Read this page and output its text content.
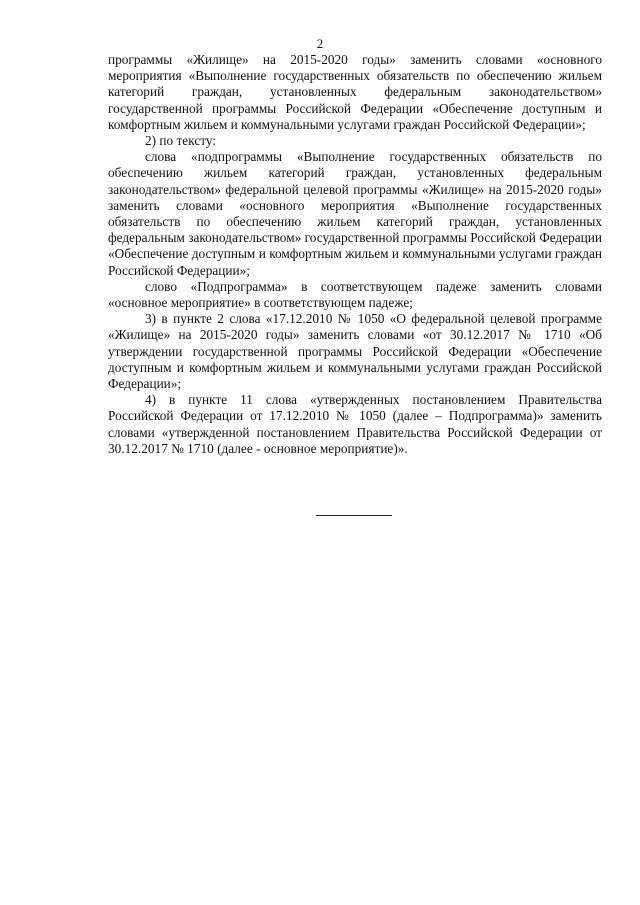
2

программы «Жилище» на 2015-2020 годы» заменить словами «основного мероприятия «Выполнение государственных обязательств по обеспечению жильем категорий граждан, установленных федеральным законодательством» государственной программы Российской Федерации «Обеспечение доступным и комфортным жильем и коммунальными услугами граждан Российской Федерации»;

2) по тексту:

слова «подпрограммы «Выполнение государственных обязательств по обеспечению жильем категорий граждан, установленных федеральным законодательством» федеральной целевой программы «Жилище» на 2015-2020 годы» заменить словами «основного мероприятия «Выполнение государственных обязательств по обеспечению жильем категорий граждан, установленных федеральным законодательством» государственной программы Российской Федерации «Обеспечение доступным и комфортным жильем и коммунальными услугами граждан Российской Федерации»;

слово «Подпрограмма» в соответствующем падеже заменить словами «основное мероприятие» в соответствующем падеже;

3) в пункте 2 слова «17.12.2010 № 1050 «О федеральной целевой программе «Жилище» на 2015-2020 годы» заменить словами «от 30.12.2017 № 1710 «Об утверждении государственной программы Российской Федерации «Обеспечение доступным и комфортным жильем и коммунальными услугами граждан Российской Федерации»;

4) в пункте 11 слова «утвержденных постановлением Правительства Российской Федерации от 17.12.2010 № 1050 (далее – Подпрограмма)» заменить словами «утвержденной постановлением Правительства Российской Федерации от 30.12.2017 № 1710 (далее - основное мероприятие)».
